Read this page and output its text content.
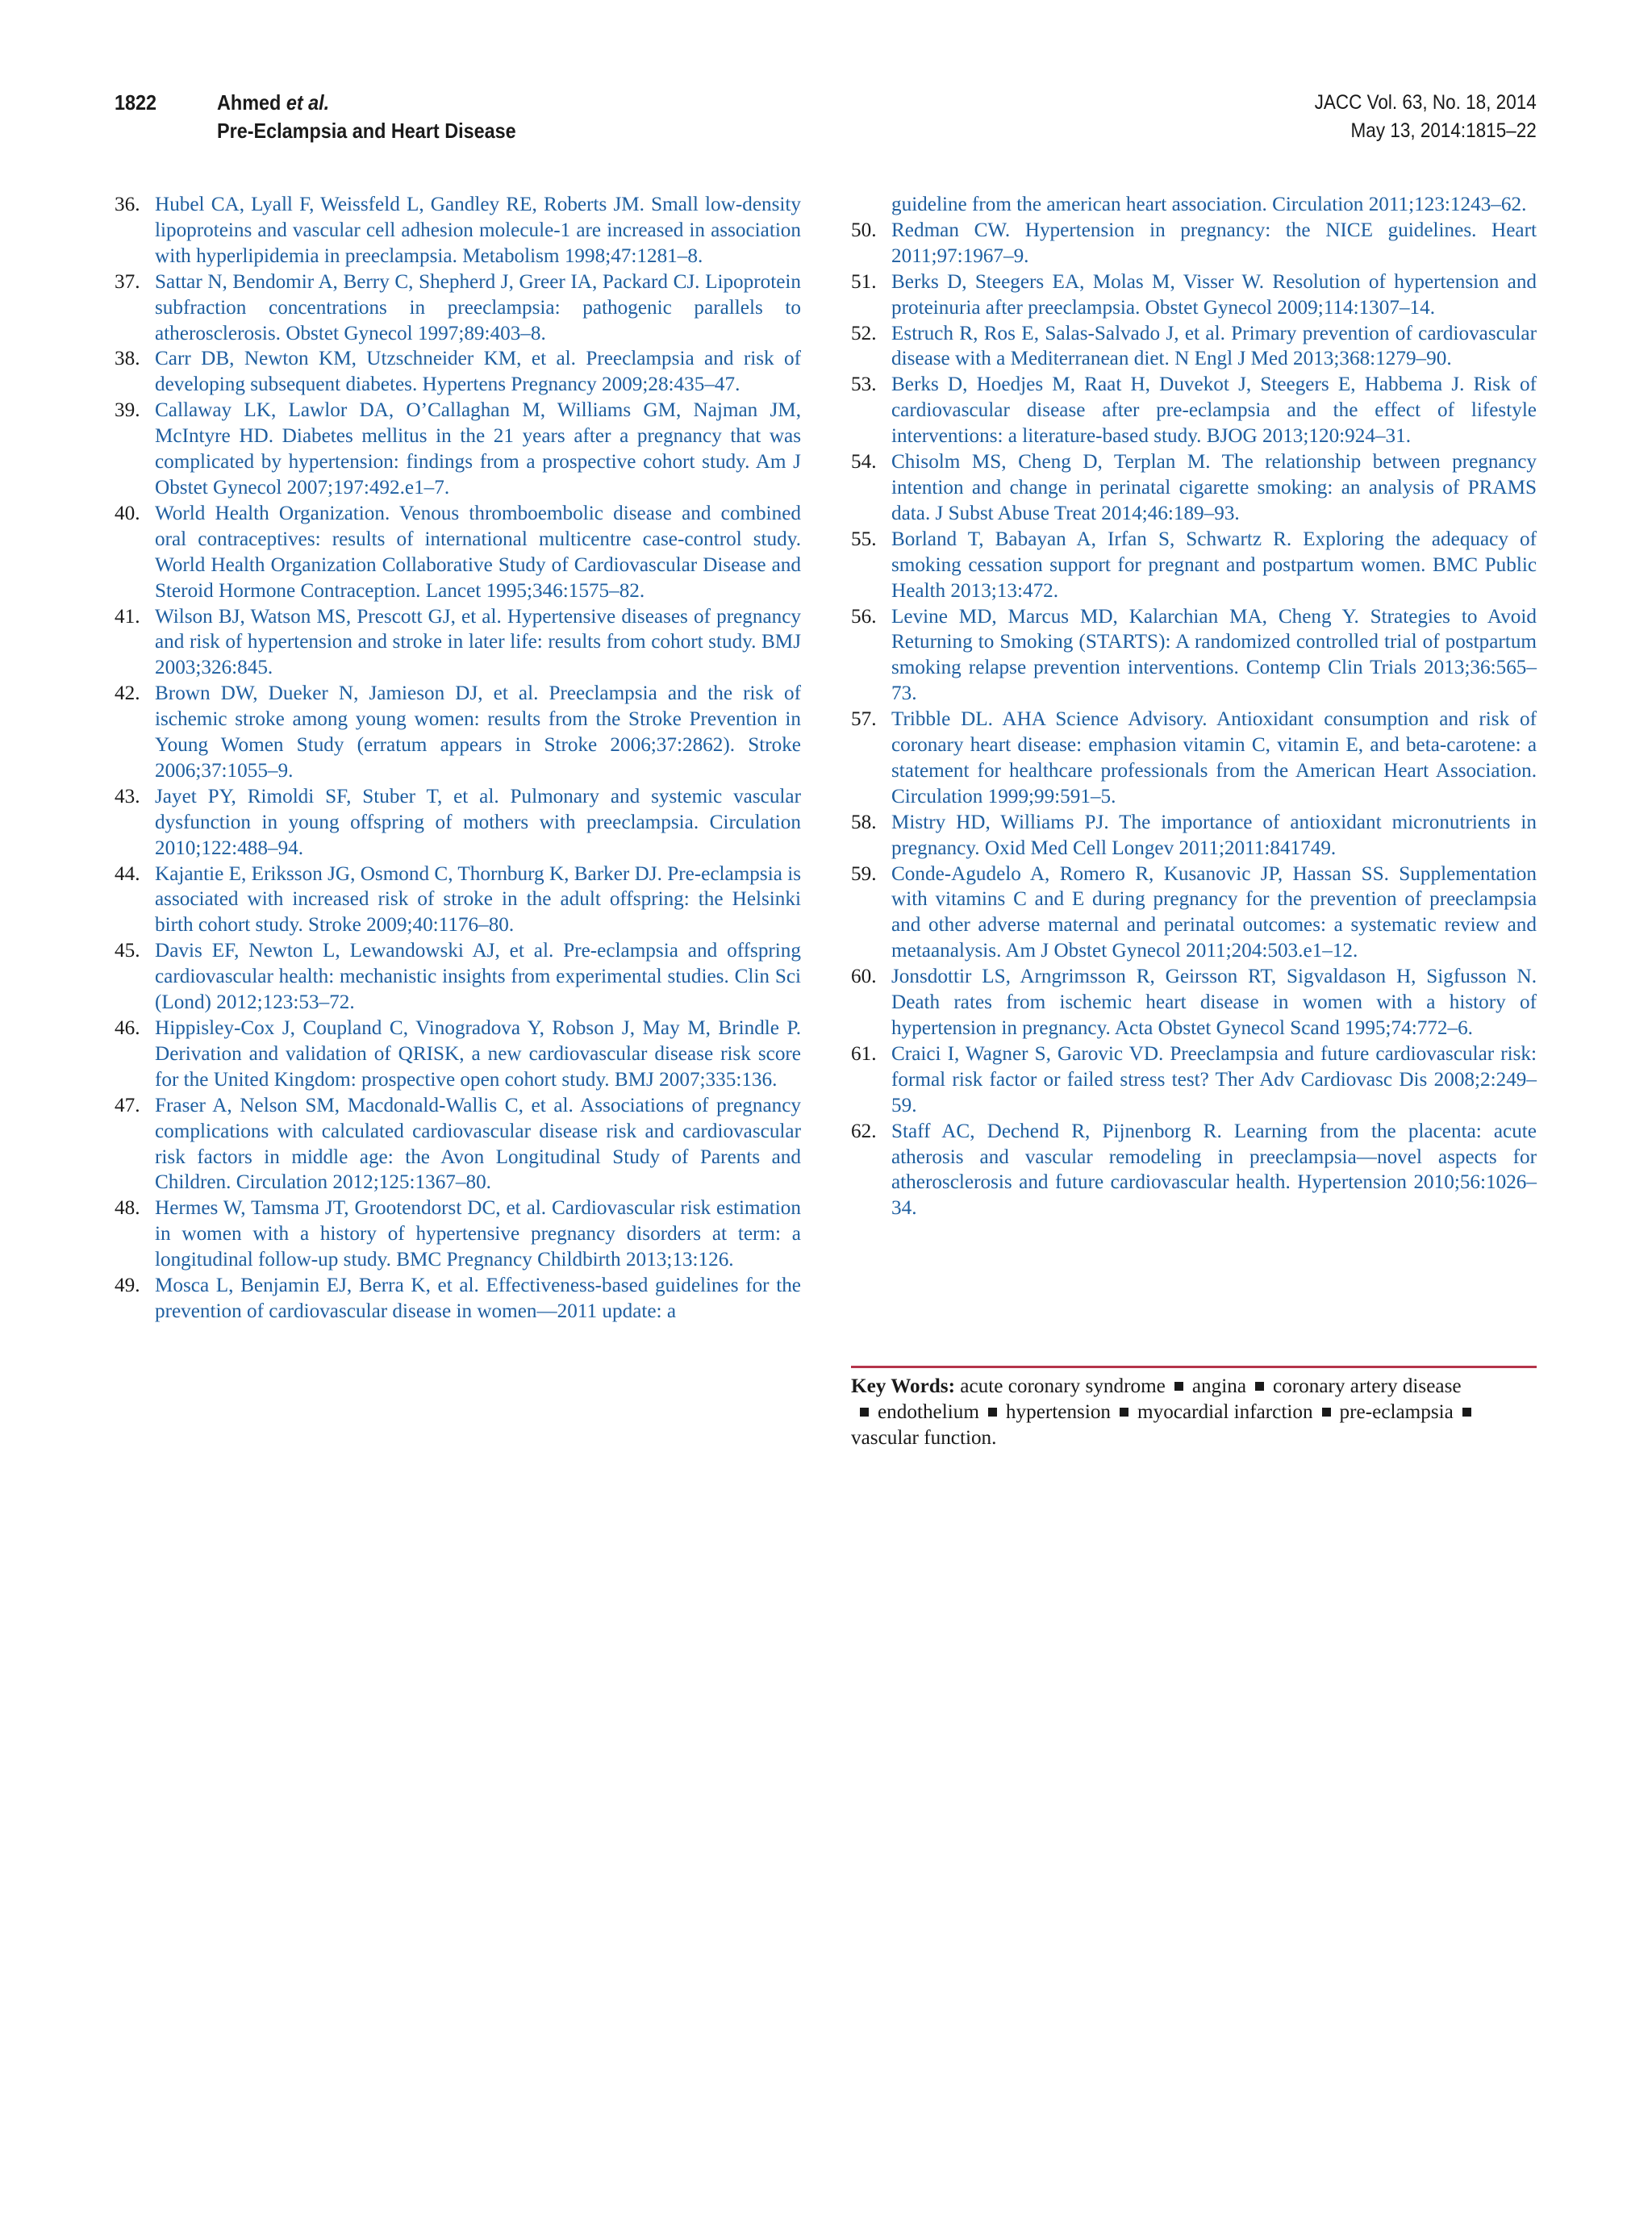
1822	Ahmed et al.
Pre-Eclampsia and Heart Disease
JACC Vol. 63, No. 18, 2014
May 13, 2014:1815–22
36. Hubel CA, Lyall F, Weissfeld L, Gandley RE, Roberts JM. Small low-density lipoproteins and vascular cell adhesion molecule-1 are increased in association with hyperlipidemia in preeclampsia. Metabolism 1998;47:1281–8.
37. Sattar N, Bendomir A, Berry C, Shepherd J, Greer IA, Packard CJ. Lipoprotein subfraction concentrations in preeclampsia: pathogenic parallels to atherosclerosis. Obstet Gynecol 1997;89:403–8.
38. Carr DB, Newton KM, Utzschneider KM, et al. Preeclampsia and risk of developing subsequent diabetes. Hypertens Pregnancy 2009;28:435–47.
39. Callaway LK, Lawlor DA, O’Callaghan M, Williams GM, Najman JM, McIntyre HD. Diabetes mellitus in the 21 years after a pregnancy that was complicated by hypertension: findings from a prospective cohort study. Am J Obstet Gynecol 2007;197:492.e1–7.
40. World Health Organization. Venous thromboembolic disease and combined oral contraceptives: results of international multicentre case-control study. World Health Organization Collaborative Study of Cardiovascular Disease and Steroid Hormone Contraception. Lancet 1995;346:1575–82.
41. Wilson BJ, Watson MS, Prescott GJ, et al. Hypertensive diseases of pregnancy and risk of hypertension and stroke in later life: results from cohort study. BMJ 2003;326:845.
42. Brown DW, Dueker N, Jamieson DJ, et al. Preeclampsia and the risk of ischemic stroke among young women: results from the Stroke Prevention in Young Women Study (erratum appears in Stroke 2006;37:2862). Stroke 2006;37:1055–9.
43. Jayet PY, Rimoldi SF, Stuber T, et al. Pulmonary and systemic vascular dysfunction in young offspring of mothers with preeclampsia. Circulation 2010;122:488–94.
44. Kajantie E, Eriksson JG, Osmond C, Thornburg K, Barker DJ. Pre-eclampsia is associated with increased risk of stroke in the adult offspring: the Helsinki birth cohort study. Stroke 2009;40:1176–80.
45. Davis EF, Newton L, Lewandowski AJ, et al. Pre-eclampsia and offspring cardiovascular health: mechanistic insights from experimental studies. Clin Sci (Lond) 2012;123:53–72.
46. Hippisley-Cox J, Coupland C, Vinogradova Y, Robson J, May M, Brindle P. Derivation and validation of QRISK, a new cardiovascular disease risk score for the United Kingdom: prospective open cohort study. BMJ 2007;335:136.
47. Fraser A, Nelson SM, Macdonald-Wallis C, et al. Associations of pregnancy complications with calculated cardiovascular disease risk and cardiovascular risk factors in middle age: the Avon Longitudinal Study of Parents and Children. Circulation 2012;125:1367–80.
48. Hermes W, Tamsma JT, Grootendorst DC, et al. Cardiovascular risk estimation in women with a history of hypertensive pregnancy disorders at term: a longitudinal follow-up study. BMC Pregnancy Childbirth 2013;13:126.
49. Mosca L, Benjamin EJ, Berra K, et al. Effectiveness-based guidelines for the prevention of cardiovascular disease in women—2011 update: a
guideline from the american heart association. Circulation 2011;123:1243–62.
50. Redman CW. Hypertension in pregnancy: the NICE guidelines. Heart 2011;97:1967–9.
51. Berks D, Steegers EA, Molas M, Visser W. Resolution of hypertension and proteinuria after preeclampsia. Obstet Gynecol 2009;114:1307–14.
52. Estruch R, Ros E, Salas-Salvado J, et al. Primary prevention of cardiovascular disease with a Mediterranean diet. N Engl J Med 2013;368:1279–90.
53. Berks D, Hoedjes M, Raat H, Duvekot J, Steegers E, Habbema J. Risk of cardiovascular disease after pre-eclampsia and the effect of lifestyle interventions: a literature-based study. BJOG 2013;120:924–31.
54. Chisolm MS, Cheng D, Terplan M. The relationship between pregnancy intention and change in perinatal cigarette smoking: an analysis of PRAMS data. J Subst Abuse Treat 2014;46:189–93.
55. Borland T, Babayan A, Irfan S, Schwartz R. Exploring the adequacy of smoking cessation support for pregnant and postpartum women. BMC Public Health 2013;13:472.
56. Levine MD, Marcus MD, Kalarchian MA, Cheng Y. Strategies to Avoid Returning to Smoking (STARTS): A randomized controlled trial of postpartum smoking relapse prevention interventions. Contemp Clin Trials 2013;36:565–73.
57. Tribble DL. AHA Science Advisory. Antioxidant consumption and risk of coronary heart disease: emphasion vitamin C, vitamin E, and beta-carotene: a statement for healthcare professionals from the American Heart Association. Circulation 1999;99:591–5.
58. Mistry HD, Williams PJ. The importance of antioxidant micronutrients in pregnancy. Oxid Med Cell Longev 2011;2011:841749.
59. Conde-Agudelo A, Romero R, Kusanovic JP, Hassan SS. Supplementation with vitamins C and E during pregnancy for the prevention of preeclampsia and other adverse maternal and perinatal outcomes: a systematic review and metaanalysis. Am J Obstet Gynecol 2011;204:503.e1–12.
60. Jonsdottir LS, Arngrimsson R, Geirsson RT, Sigvaldason H, Sigfusson N. Death rates from ischemic heart disease in women with a history of hypertension in pregnancy. Acta Obstet Gynecol Scand 1995;74:772–6.
61. Craici I, Wagner S, Garovic VD. Preeclampsia and future cardiovascular risk: formal risk factor or failed stress test? Ther Adv Cardiovasc Dis 2008;2:249–59.
62. Staff AC, Dechend R, Pijnenborg R. Learning from the placenta: acute atherosis and vascular remodeling in preeclampsia—novel aspects for atherosclerosis and future cardiovascular health. Hypertension 2010;56:1026–34.
Key Words: acute coronary syndrome angina coronary artery diseaseendothelium hypertension myocardial infarction pre-eclampsiavascular function.
